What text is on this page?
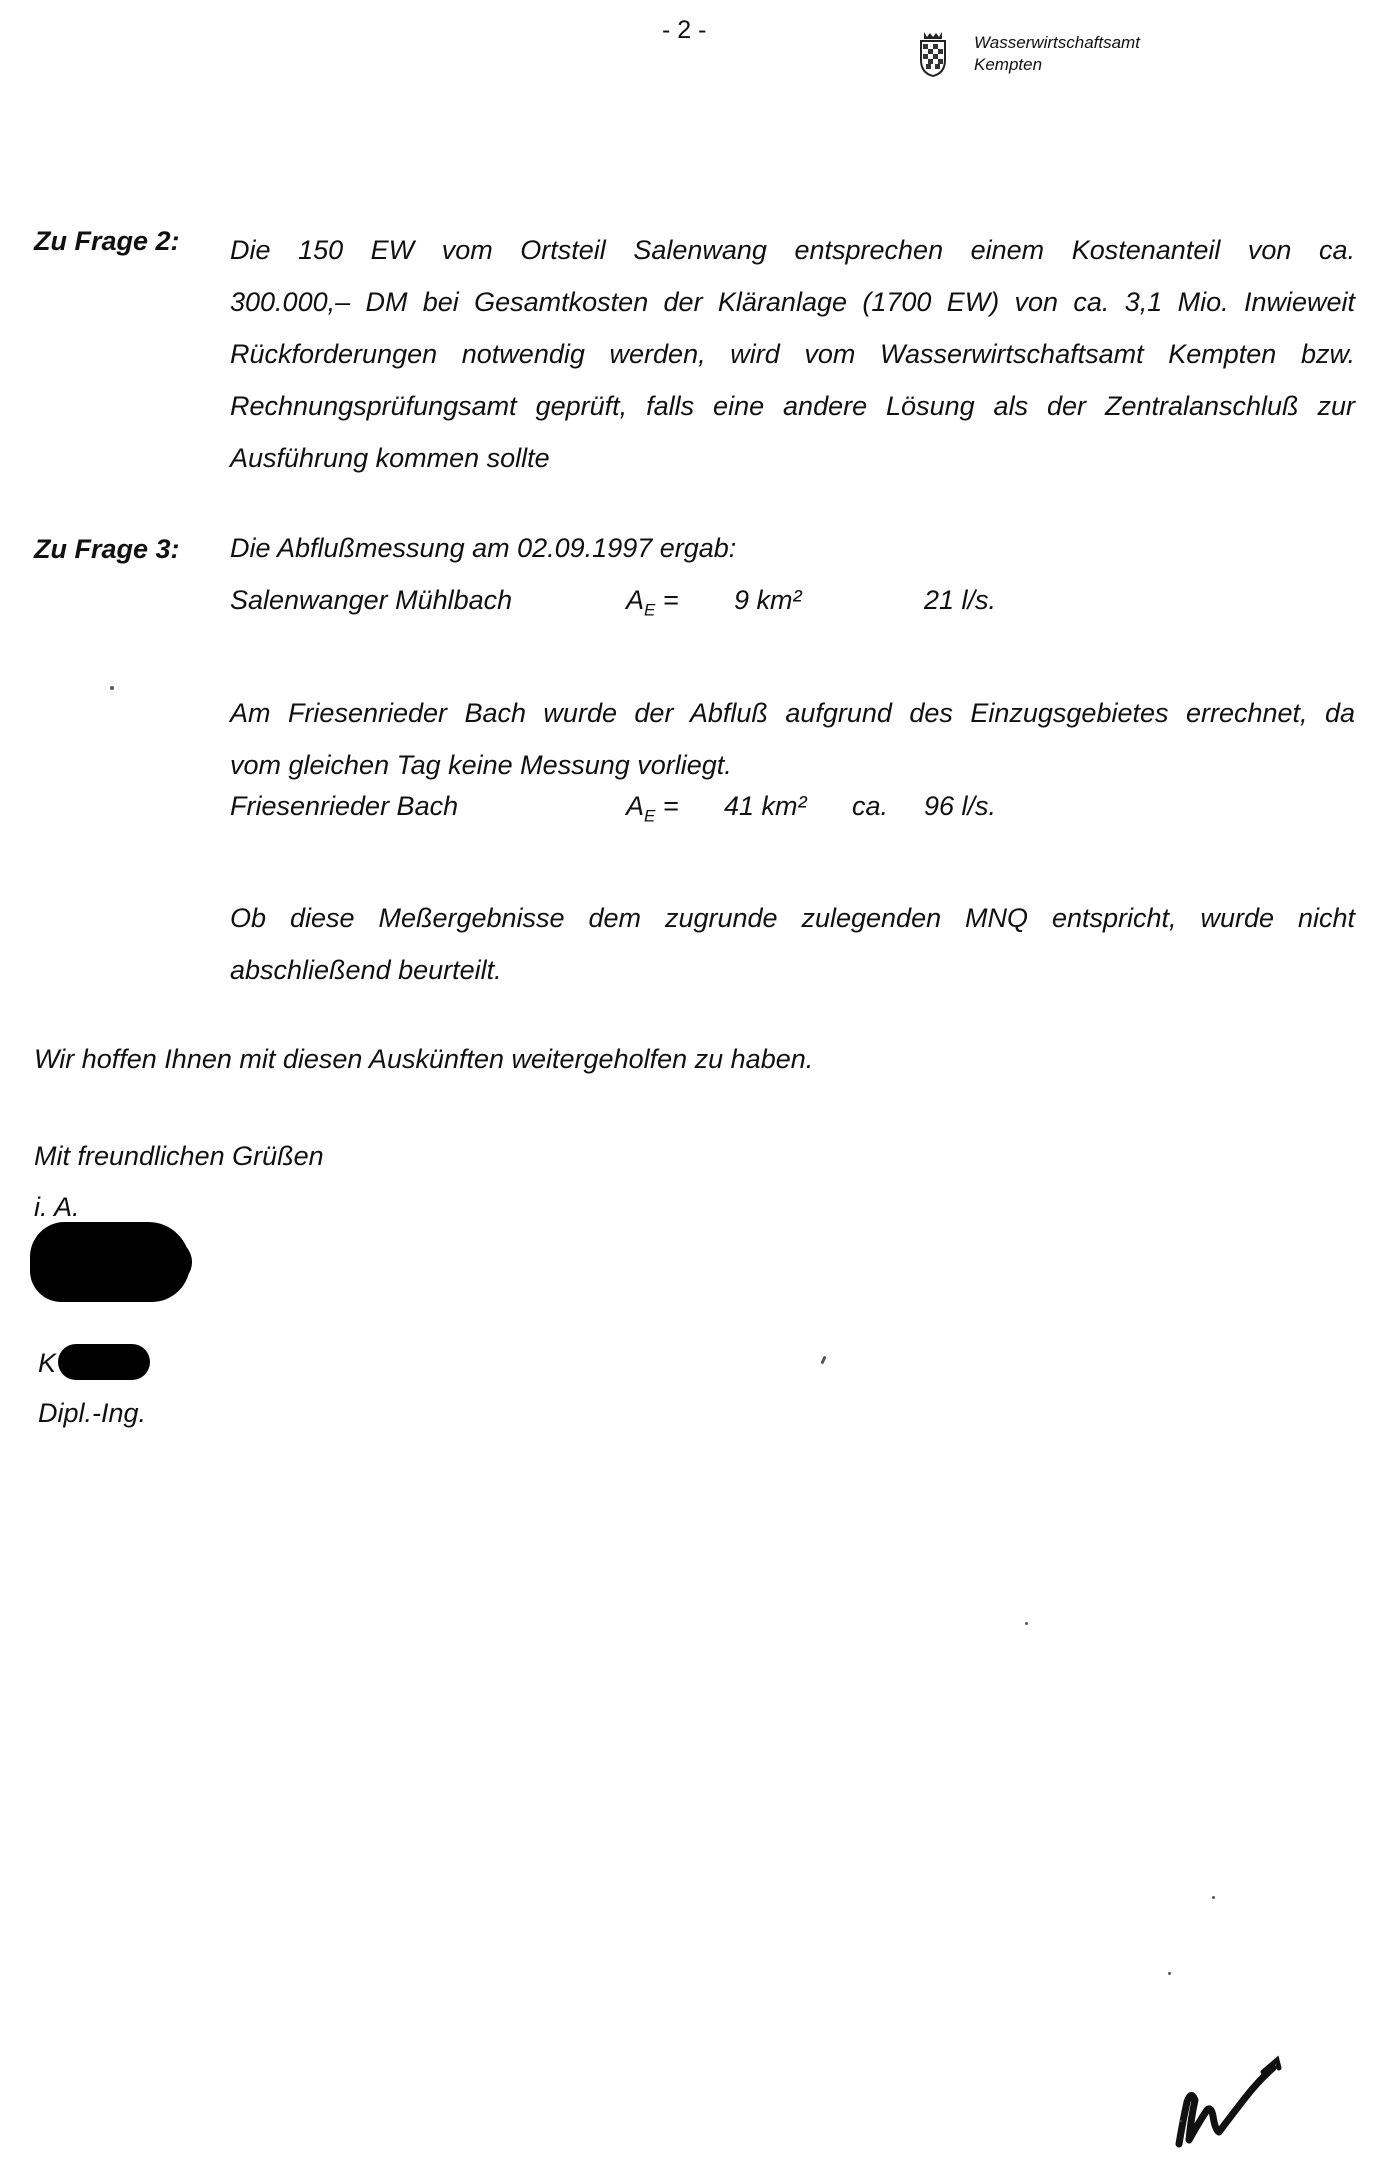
- 2 -	Wasserwirtschaftsamt
Kempten
Zu Frage 2: Die 150 EW vom Ortsteil Salenwang entsprechen einem Kostenanteil von ca.
300.000,– DM bei Gesamtkosten der Kläranlage (1700 EW) von ca. 3,1 Mio. Inwieweit
Rückforderungen notwendig werden, wird vom Wasserwirtschaftsamt Kempten bzw.
Rechnungsprüfungsamt geprüft, falls eine andere Lösung als der Zentralanschluß zur
Ausführung kommen sollte
Zu Frage 3: Die Abflußmessung am 02.09.1997 ergab:
Salenwanger Mühlbach	$A_E = 9$ km²	21 l/s.
Am Friesenrieder Bach wurde der Abfluß aufgrund des Einzugsgebietes errechnet, da
vom gleichen Tag keine Messung vorliegt.
Friesenrieder Bach	$A_E = 41$ km² ca. 96 l/s.
Ob diese Meßergebnisse dem zugrunde zulegenden MNQ entspricht, wurde nicht
abschließend beurteilt.
Wir hoffen Ihnen mit diesen Auskünften weitergeholfen zu haben.
Mit freundlichen Grüßen
i. A.
K
Dipl.-Ing.
